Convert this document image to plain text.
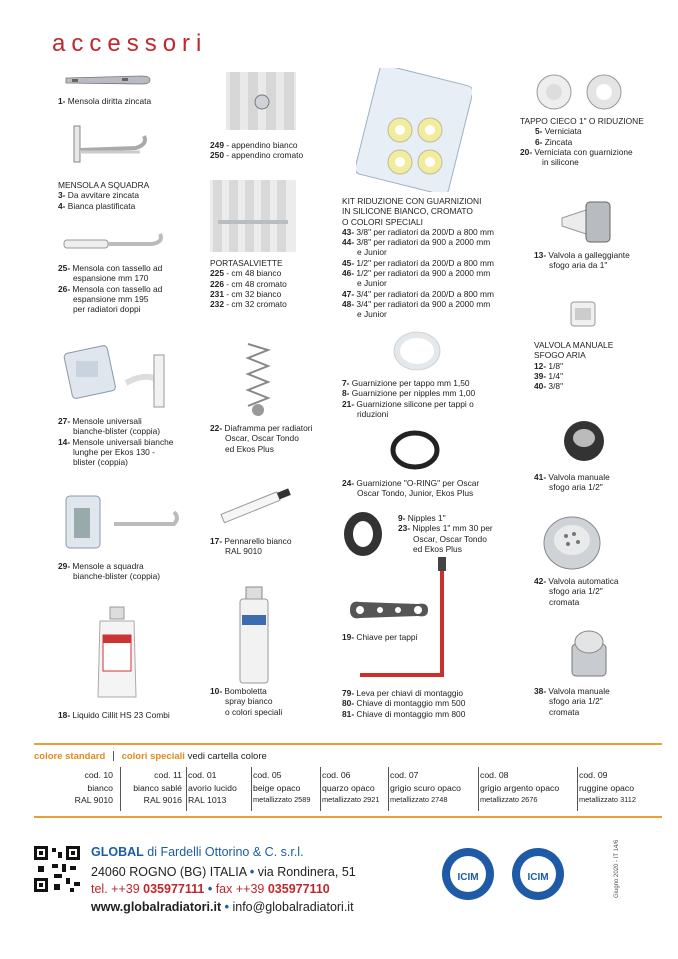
accessori
1- Mensola diritta zincata
MENSOLA A SQUADRA
3- Da avvitare zincata
4- Bianca plastificata
25- Mensola con tassello ad
espansione mm 170
26- Mensola con tassello ad
espansione mm 195
per radiatori doppi
27- Mensole universali
bianche-blister (coppia)
14- Mensole universali bianche
lunghe per Ekos 130 -
blister (coppia)
29- Mensole a squadra
bianche-blister (coppia)
18- Liquido Cillit HS 23 Combi
249 - appendino bianco
250 - appendino cromato
PORTASALVIETTE
225 - cm 48 bianco
226 - cm 48 cromato
231 - cm 32 bianco
232 - cm 32 cromato
22- Diaframma per radiatori
Oscar, Oscar Tondo
ed Ekos Plus
17- Pennarello bianco
RAL 9010
10- Bomboletta
spray bianco
o colori speciali
KIT RIDUZIONE CON GUARNIZIONI
IN SILICONE BIANCO, CROMATO
O COLORI SPECIALI
43- 3/8" per radiatori da 200/D a 800 mm
44- 3/8" per radiatori da 900 a 2000 mm
e Junior
45- 1/2" per radiatori da 200/D a 800 mm
46- 1/2" per radiatori da 900 a 2000 mm
e Junior
47- 3/4" per radiatori da 200/D a 800 mm
48- 3/4" per radiatori da 900 a 2000 mm
e Junior
7- Guarnizione per tappo mm 1,50
8- Guarnizione per nipples mm 1,00
21- Guarnizione silicone per tappi o
riduzioni
24- Guarnizione "O-RING" per Oscar
Oscar Tondo, Junior, Ekos Plus
9- Nipples 1"
23- Nipples 1" mm 30 per
Oscar, Oscar Tondo
ed Ekos Plus
19- Chiave per tappi
79- Leva per chiavi di montaggio
80- Chiave di montaggio mm 500
81- Chiave di montaggio mm 800
TAPPO CIECO 1" O RIDUZIONE
5- Verniciata
6- Zincata
20- Verniciata con guarnizione
in silicone
13- Valvola a galleggiante
sfogo aria da 1"
VALVOLA MANUALE
SFOGO ARIA
12- 1/8"
39- 1/4"
40- 3/8"
41- Valvola manuale
sfogo aria 1/2"
42- Valvola automatica
sfogo aria 1/2"
cromata
38- Valvola manuale
sfogo aria 1/2"
cromata
colore standard colori speciali vedi cartella colore
cod. 10
bianco
RAL 9010
cod. 11
bianco sablé
RAL 9016
cod. 01
avorio lucido
RAL 1013
cod. 05
beige opaco
metallizzato 2589
cod. 06
quarzo opaco
metallizzato 2921
cod. 07
grigio scuro opaco
metallizzato 2748
cod. 08
grigio argento opaco
metallizzato 2676
cod. 09
ruggine opaco
metallizzato 3112
GLOBAL di Fardelli Ottorino & C. s.r.l.
24060 ROGNO (BG) ITALIA • via Rondinera, 51
tel. ++39 035977111 • fax ++39 035977110
www.globalradiatori.it • info@globalradiatori.it
ICIM	ICIM	Giugno 2020 - IT 14/6
